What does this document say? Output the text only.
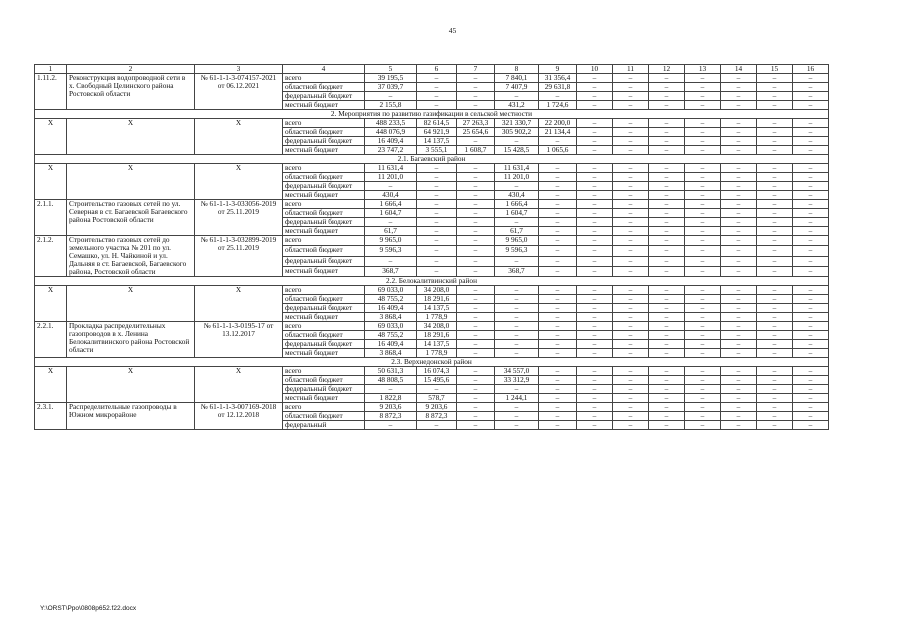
45
1	2	3	4	5	6	7	8	9	10	11	12	13	14	15	16
1.11.2.	Реконструкция водопроводной сети в х. Свободный Целинского района Ростовской области	№ 61-1-1-3-074157-2021 от 06.12.2021	всего	39 195,5	–	–	7 840,1	31 356,4	–	–	–	–	–	–	–
			областной бюджет	37 039,7	–	–	7 407,9	29 631,8	–	–	–	–	–	–	–
			федеральный бюджет	–	–	–	–	–	–	–	–	–	–	–	–
			местный бюджет	2 155,8	–	–	431,2	1 724,6	–	–	–	–	–	–	–
2. Мероприятия по развитию газификации в сельской местности															
Х	Х	Х	всего	488 233,5	82 614,5	27 263,3	321 330,7	22 200,0	–	–	–	–	–	–	–
			областной бюджет	448 076,9	64 921,9	25 654,6	305 902,2	21 134,4	–	–	–	–	–	–	–
			федеральный бюджет	16 409,4	14 137,5	–	–	–	–	–	–	–	–	–	–
			местный бюджет	23 747,2	3 555,1	1 608,7	15 428,5	1 065,6	–	–	–	–	–	–	–
2.1. Багаевский район															
Х	Х	Х	всего	11 631,4	–	–	11 631,4	–	–	–	–	–	–	–	–
			областной бюджет	11 201,0	–	–	11 201,0	–	–	–	–	–	–	–	–
			федеральный бюджет	–	–	–	–	–	–	–	–	–	–	–	–
			местный бюджет	430,4	–	–	430,4	–	–	–	–	–	–	–	–
2.1.1.	Строительство газовых сетей по ул. Северная в ст. Багаевской Багаевского района Ростовской области	№ 61-1-1-3-033056-2019 от 25.11.2019	всего	1 666,4	–	–	1 666,4	–	–	–	–	–	–	–	–
			областной бюджет	1 604,7	–	–	1 604,7	–	–	–	–	–	–	–	–
			федеральный бюджет	–	–	–	–	–	–	–	–	–	–	–	–
			местный бюджет	61,7	–	–	61,7	–	–	–	–	–	–	–	–
2.1.2.	Строительство газовых сетей до земельного участка № 201 по ул. Семашко, ул. Н. Чайкиной и ул. Дальняя в ст. Багаевской, Багаевского района, Ростовской области	№ 61-1-1-3-032899-2019 от 25.11.2019	всего	9 965,0	–	–	9 965,0	–	–	–	–	–	–	–	–
			областной бюджет	9 596,3	–	–	9 596,3	–	–	–	–	–	–	–	–
			федеральный бюджет	–	–	–	–	–	–	–	–	–	–	–	–
			местный бюджет	368,7	–	–	368,7	–	–	–	–	–	–	–	–
2.2. Белокалитвинский район															
Х	Х	Х	всего	69 033,0	34 208,0	–	–	–	–	–	–	–	–	–	–
			областной бюджет	48 755,2	18 291,6	–	–	–	–	–	–	–	–	–	–
			федеральный бюджет	16 409,4	14 137,5	–	–	–	–	–	–	–	–	–	–
			местный бюджет	3 868,4	1 778,9	–	–	–	–	–	–	–	–	–	–
2.2.1.	Прокладка распределительных газопроводов в х. Ленина Белокалитвинского района Ростовской области	№ 61-1-1-3-0195-17 от 13.12.2017	всего	69 033,0	34 208,0	–	–	–	–	–	–	–	–	–	–
			областной бюджет	48 755,2	18 291,6	–	–	–	–	–	–	–	–	–	–
			федеральный бюджет	16 409,4	14 137,5	–	–	–	–	–	–	–	–	–	–
			местный бюджет	3 868,4	1 778,9	–	–	–	–	–	–	–	–	–	–
2.3. Верхнедонской район															
Х	Х	Х	всего	50 631,3	16 074,3	–	34 557,0	–	–	–	–	–	–	–	–
			областной бюджет	48 808,5	15 495,6	–	33 312,9	–	–	–	–	–	–	–	–
			федеральный бюджет	–	–	–	–	–	–	–	–	–	–	–	–
			местный бюджет	1 822,8	578,7	–	1 244,1	–	–	–	–	–	–	–	–
2.3.1.	Распределительные газопроводы в Южном микрорайоне	№ 61-1-1-3-007169-2018 от 12.12.2018	всего	9 203,6	9 203,6	–	–	–	–	–	–	–	–	–	–
			областной бюджет	8 872,3	8 872,3	–	–	–	–	–	–	–	–	–	–
			федеральный	–	–	–	–	–	–	–	–	–	–	–	–
Y:\ORST\Ppo\0808p652.f22.docx
